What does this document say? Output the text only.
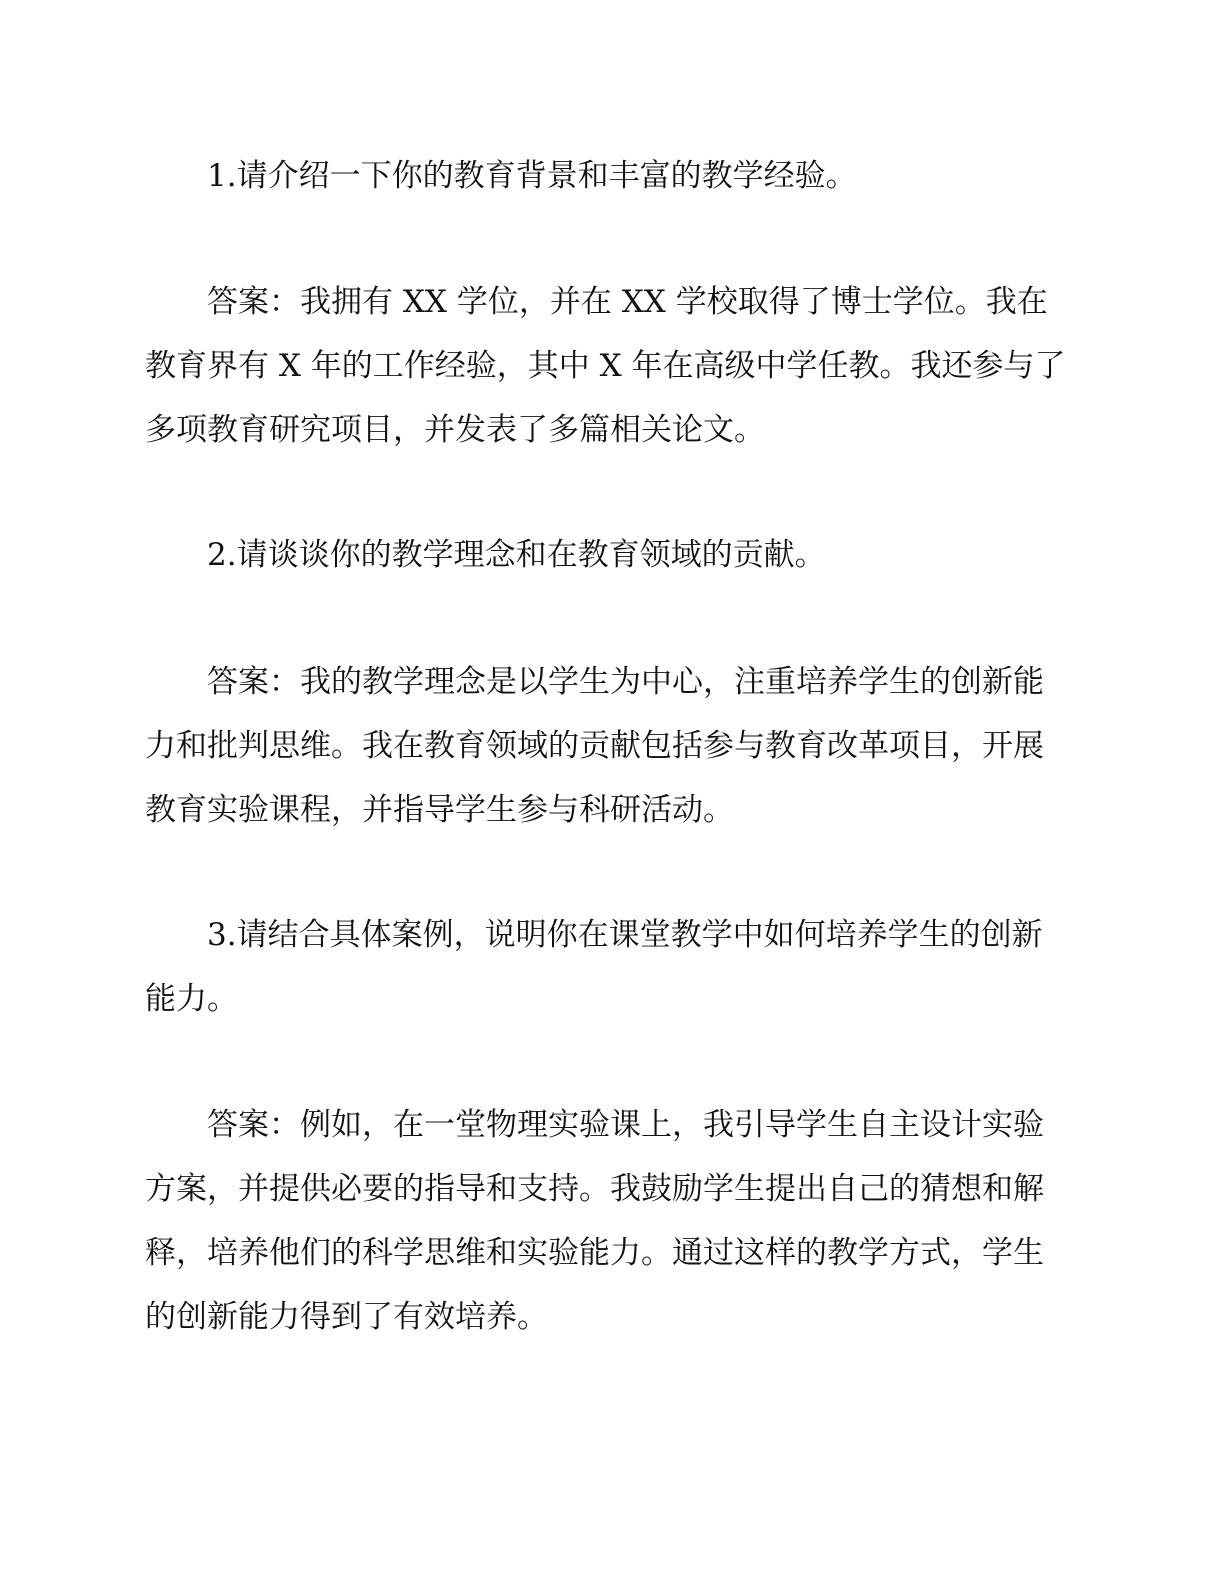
1.请介绍一下你的教育背景和丰富的教学经验。

答案：我拥有 XX 学位，并在 XX 学校取得了博士学位。我在教育界有 X 年的工作经验，其中 X 年在高级中学任教。我还参与了多项教育研究项目，并发表了多篇相关论文。

2.请谈谈你的教学理念和在教育领域的贡献。

答案：我的教学理念是以学生为中心，注重培养学生的创新能力和批判思维。我在教育领域的贡献包括参与教育改革项目，开展教育实验课程，并指导学生参与科研活动。

3.请结合具体案例，说明你在课堂教学中如何培养学生的创新能力。

答案：例如，在一堂物理实验课上，我引导学生自主设计实验方案，并提供必要的指导和支持。我鼓励学生提出自己的猜想和解释，培养他们的科学思维和实验能力。通过这样的教学方式，学生的创新能力得到了有效培养。
